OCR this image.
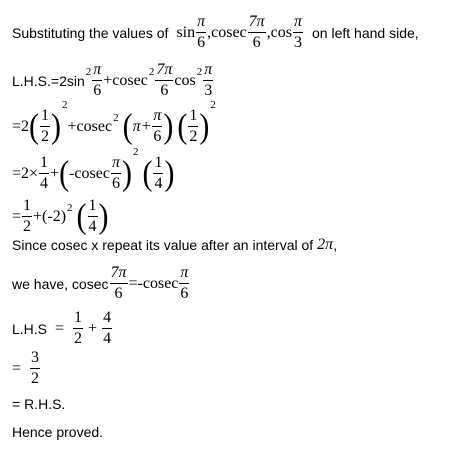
Substituting the values of $\sin \frac{\pi}{6}$ , cosec $\frac{7\pi}{6}$ , $\cos \frac{\pi}{3}$ on left hand side,
L.H.S.=2sin
$2 \frac{\pi}{6} +cosec$ $2 \frac{7\pi}{6}$ $\cos 2 \frac{\pi}{3}$
=2 ( $\frac{1}{2}$ )
2
+cosec 2 ( $\pi+ \frac{\pi}{6}$ ) ( $\frac{1}{2}$ )
2
$=2\times \frac{1}{4}$ + ( $-cosec \frac{\pi}{6}$ )
2
( $\frac{1}{4}$ )
= $\frac{1}{2} +(-2)$ 2 ( $\frac{1}{4}$ )
Since cosec x repeat its value after an interval of 2π ,
we have, cosec $\frac{7\pi}{6} =-cosec \frac{\pi}{6}$
$L.H.S = \frac{1}{2} + \frac{4}{4}$
= $\frac{3}{2}$
= R.H.S.
Hence proved.
